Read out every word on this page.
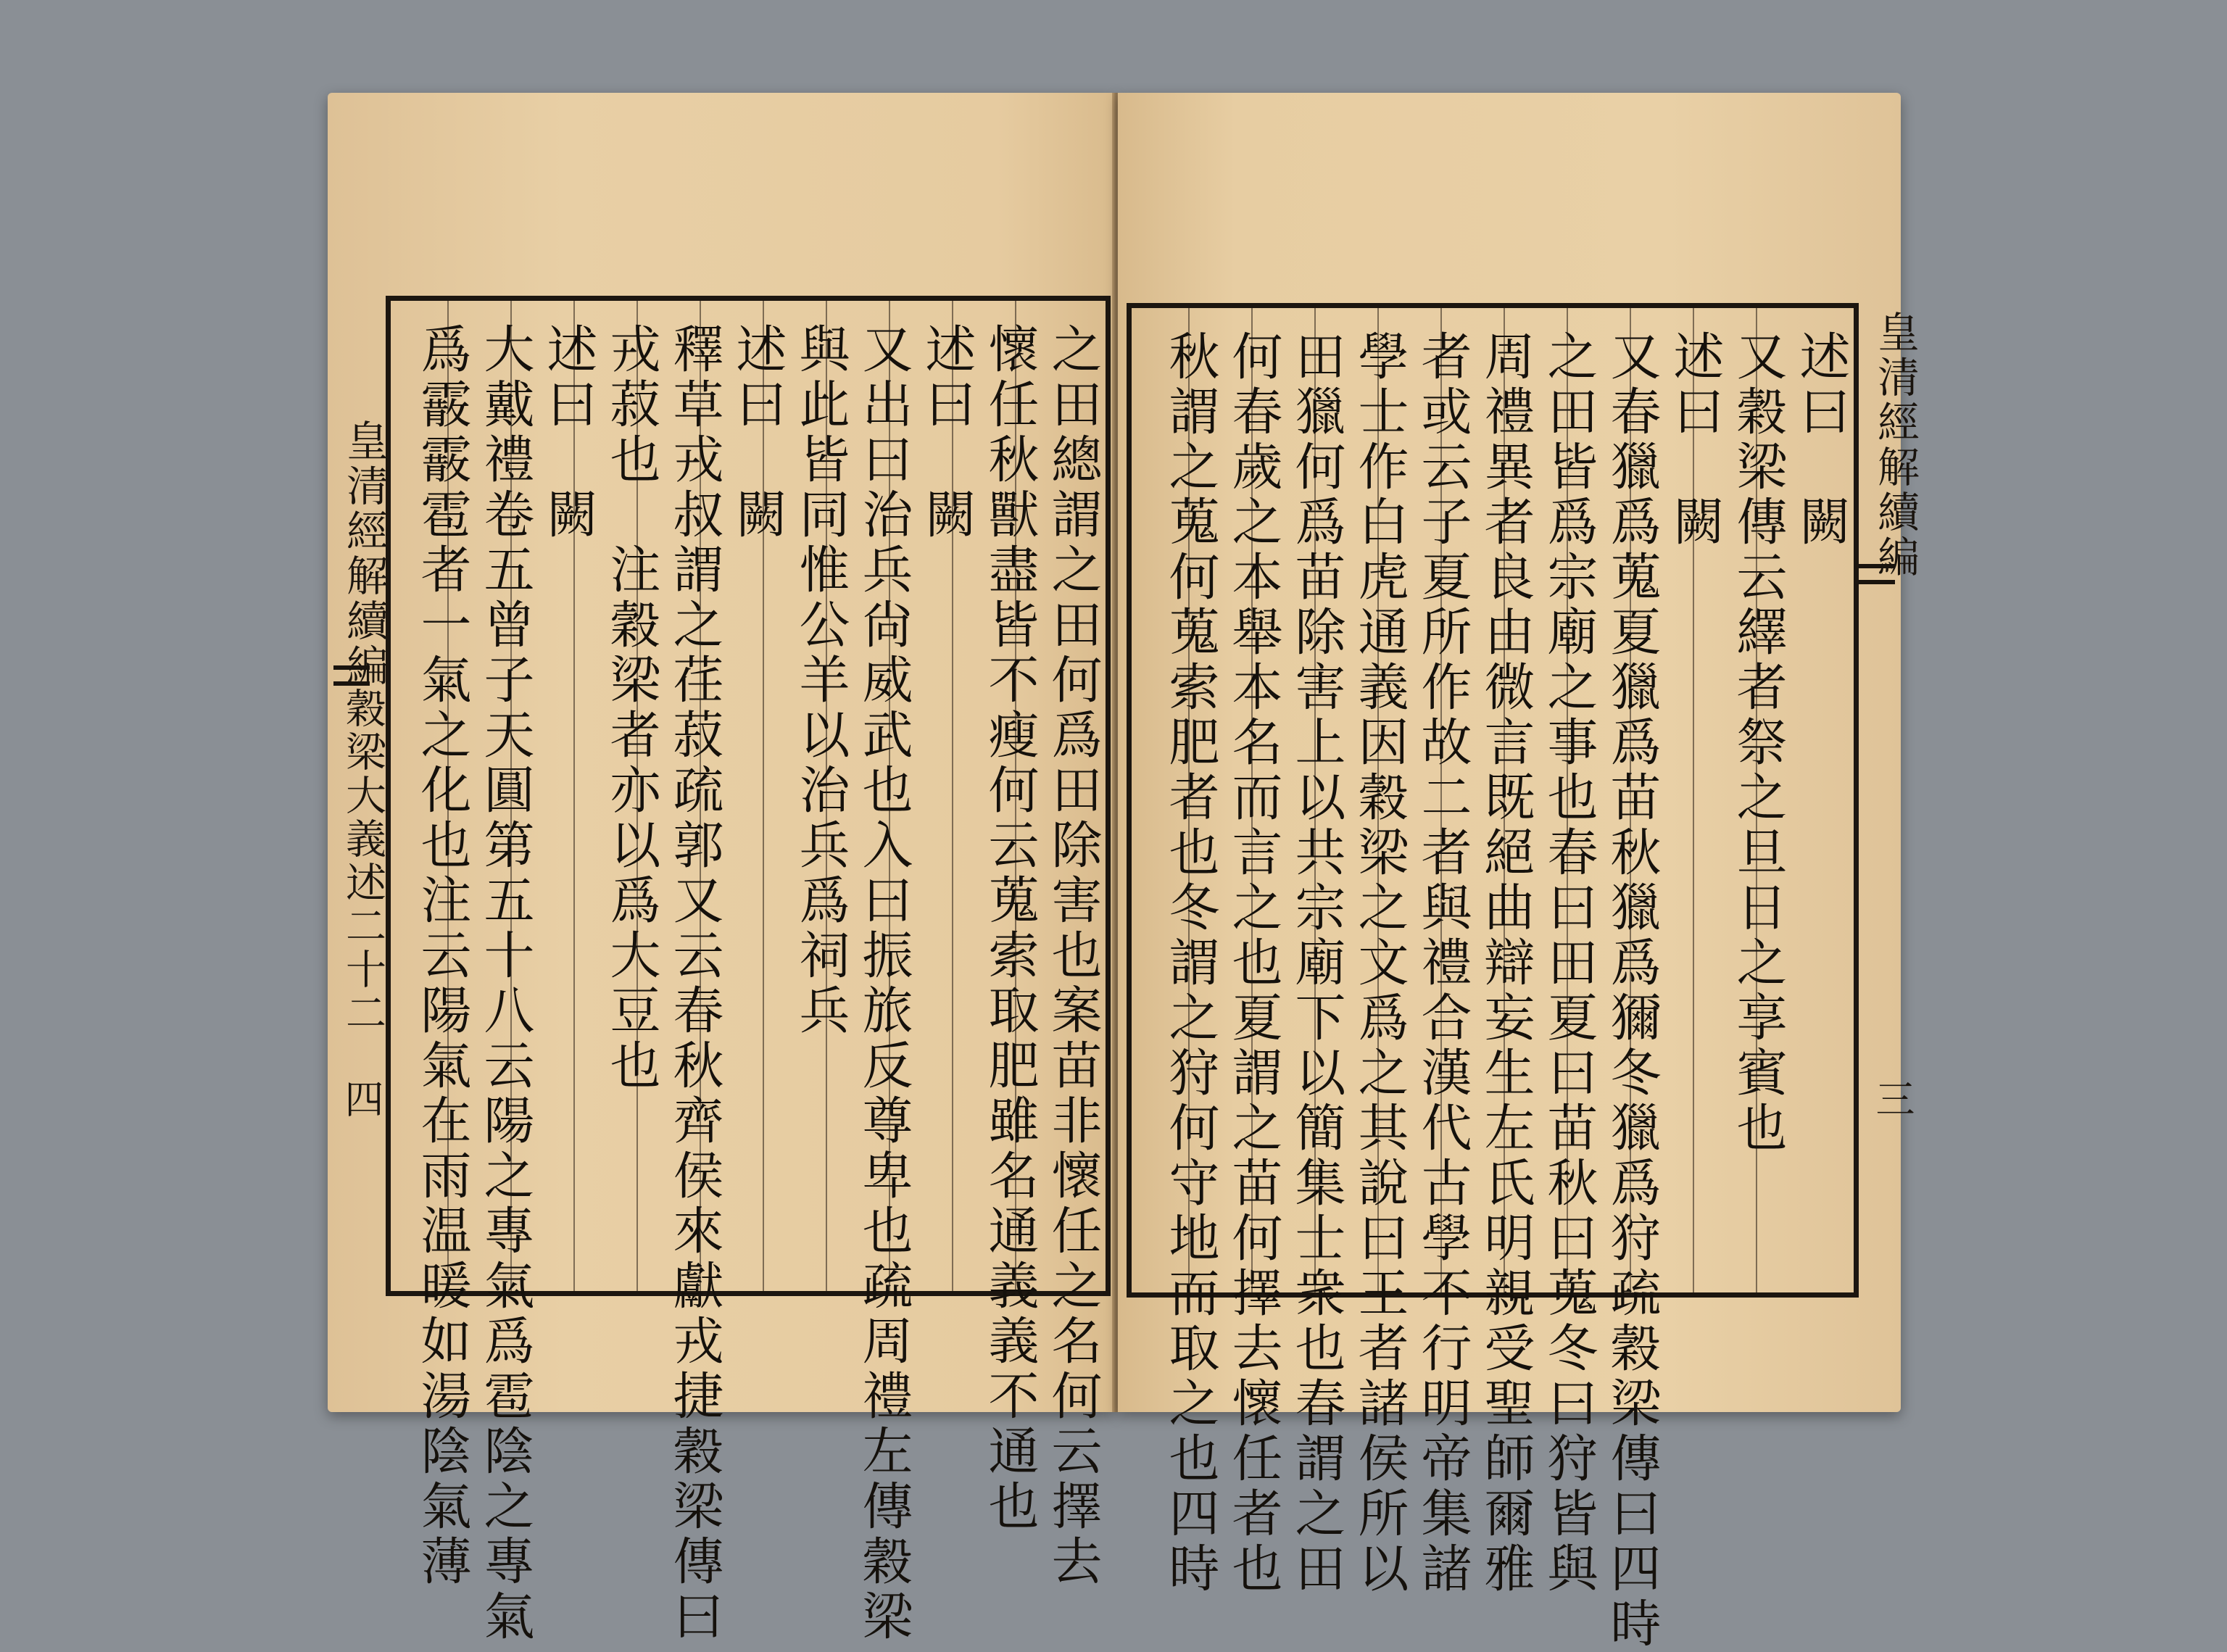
皇清經解續編
穀梁大義述二十二
四	之田總謂之田何爲田除害也案苗非懷任之名何云擇去
懷任秋獸盡皆不瘦何云蒐索取肥雖名通義義不通也
述曰　闕
又出曰治兵尙威武也入曰振旅反尊卑也疏周禮左傳穀梁
與此皆同惟公羊以治兵爲祠兵
述曰　闕
釋草戎叔謂之荏菽疏郭又云春秋齊侯來獻戎捷穀梁傳曰
戎菽也　注穀梁者亦以爲大豆也
述曰　闕
大戴禮卷五曾子天圓第五十八云陽之專氣爲雹陰之專氣
爲霰霰雹者一氣之化也注云陽氣在雨温暖如湯陰氣薄	述曰　闕
又穀梁傳云繹者祭之旦日之享賓也
述曰　闕
又春獵爲蒐夏獵爲苗秋獵爲獮冬獵爲狩疏穀梁傳曰四時
之田皆爲宗廟之事也春曰田夏曰苗秋曰蒐冬曰狩皆與
周禮異者良由微言既絕曲辯妄生左氏明親受聖師爾雅
者或云子夏所作故二者與禮合漢代古學不行明帝集諸
學士作白虎通義因穀梁之文爲之其說曰王者諸侯所以
田獵何爲苗除害上以共宗廟下以簡集士衆也春謂之田
何春歲之本舉本名而言之也夏謂之苗何擇去懷任者也
秋謂之蒐何蒐索肥者也冬謂之狩何守地而取之也四時	皇清經解續編
三
